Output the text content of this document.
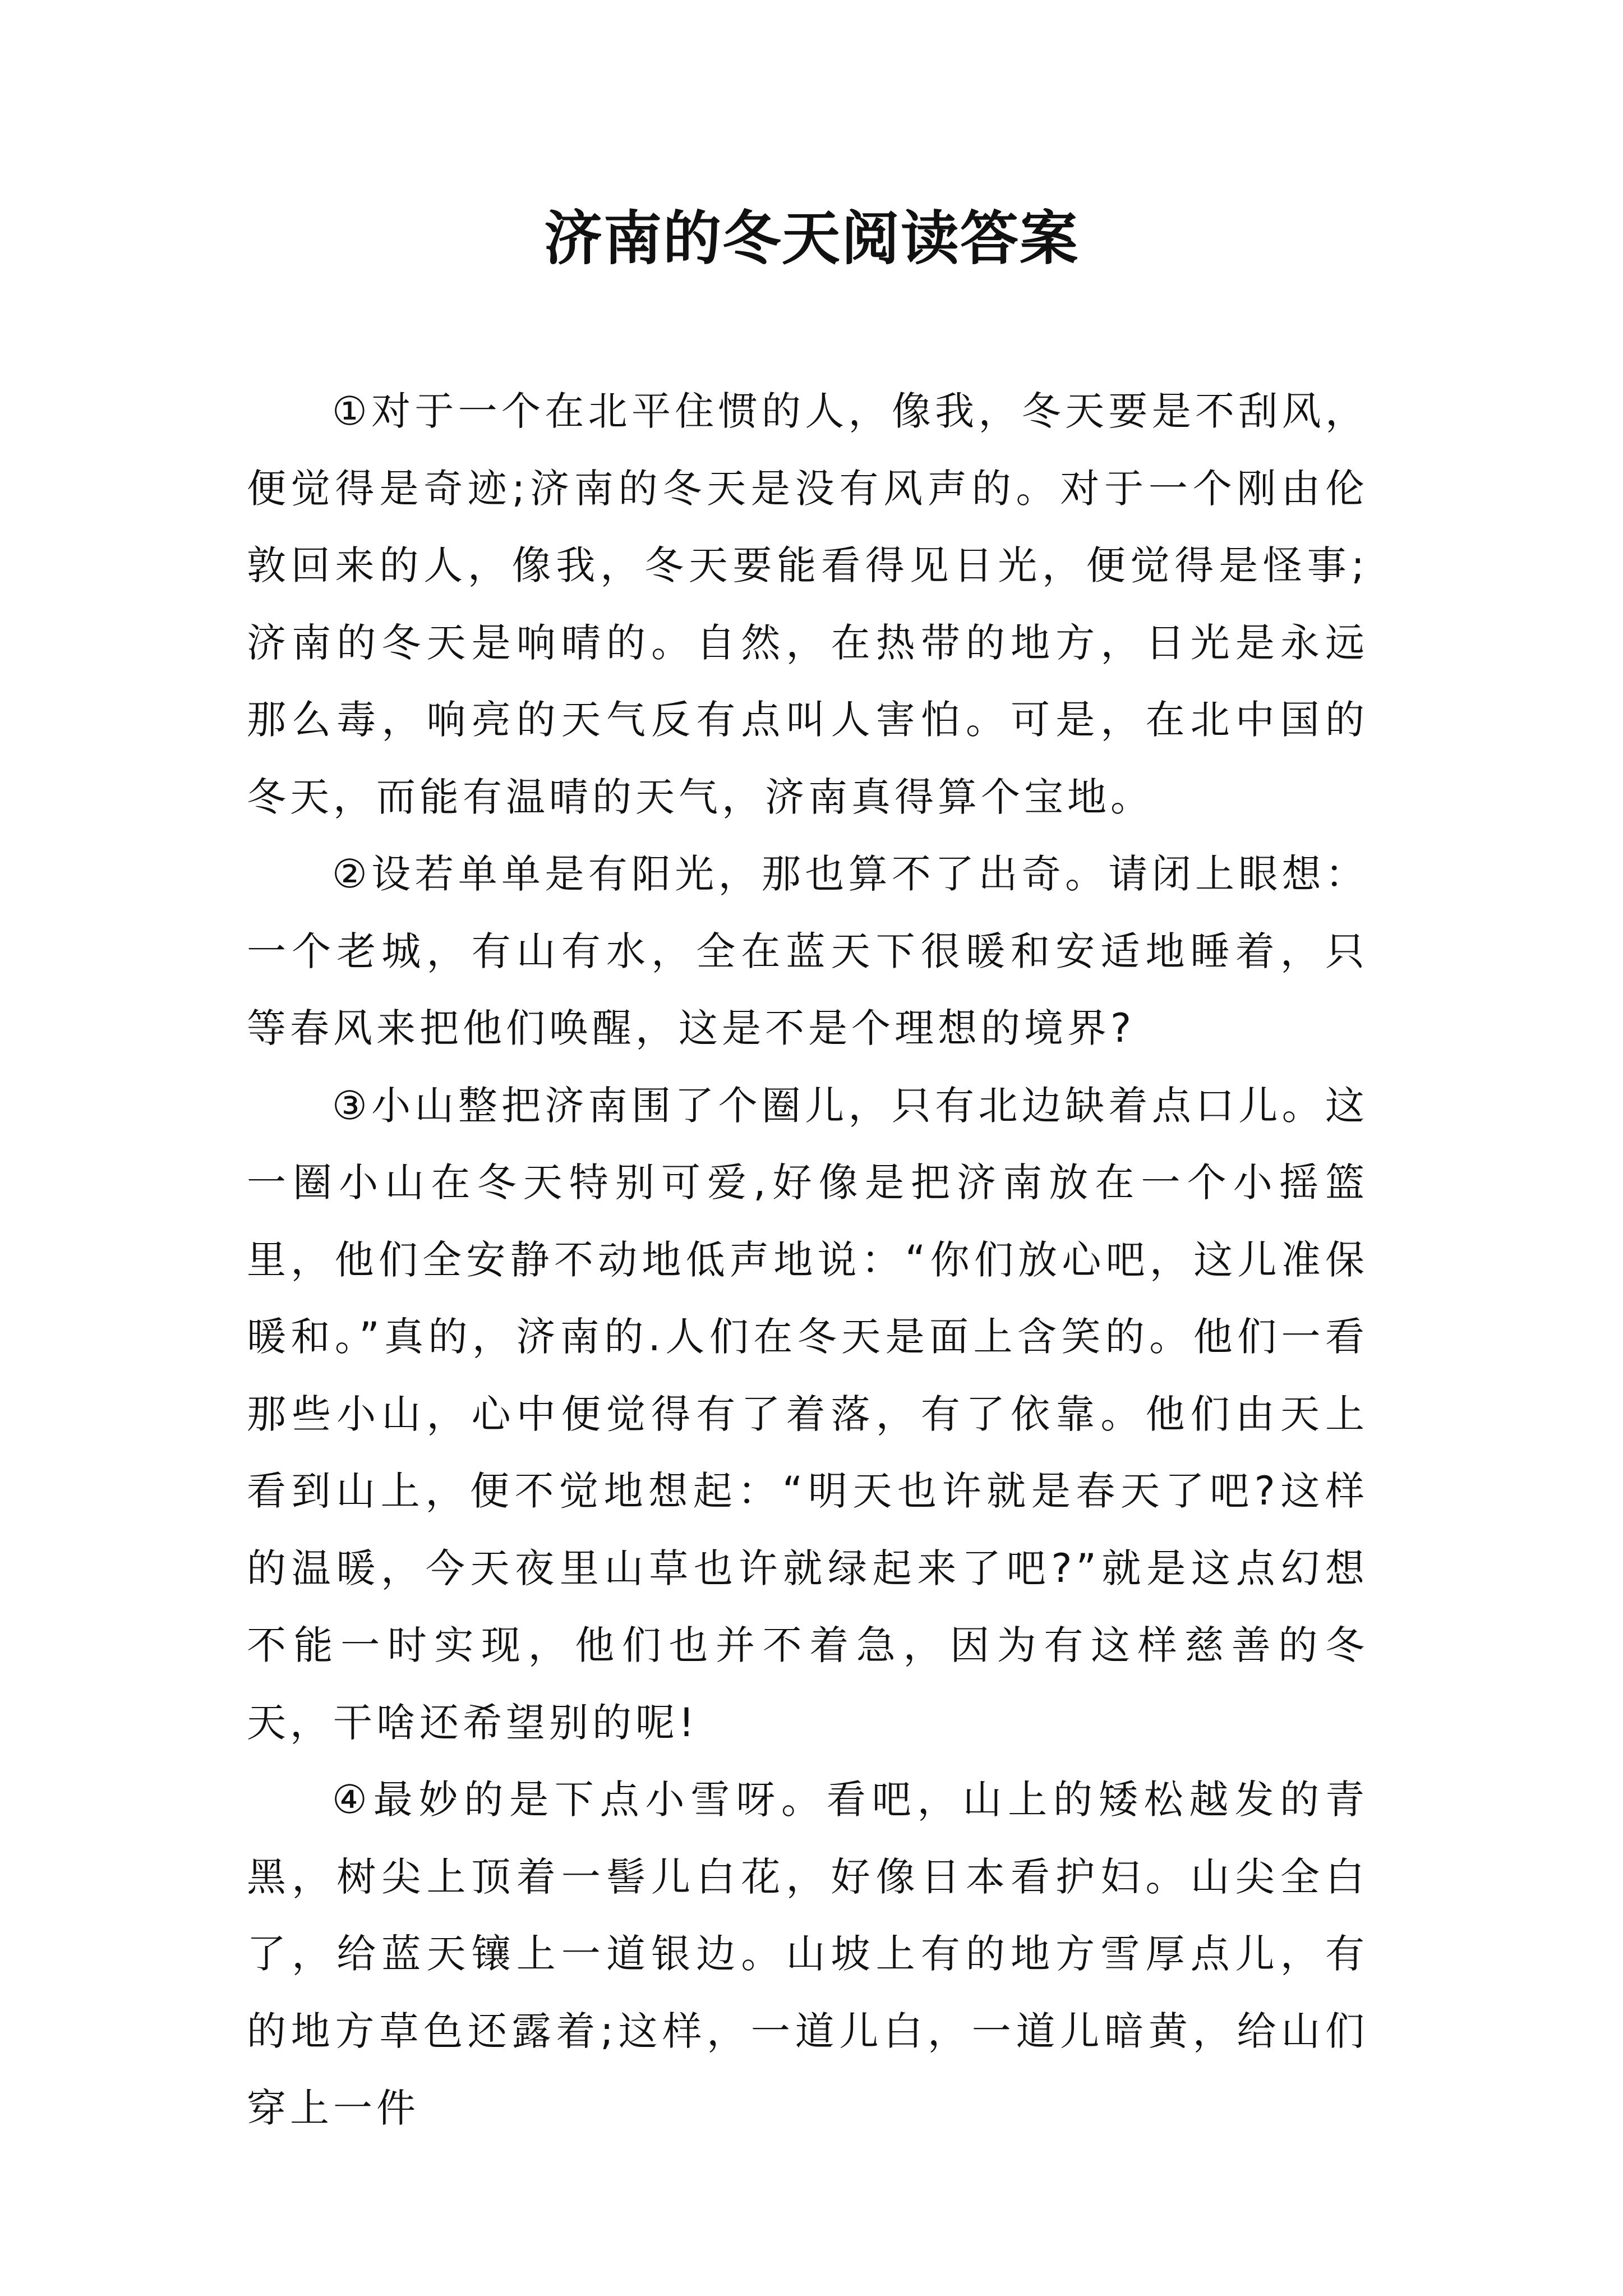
济南的冬天阅读答案

①对于一个在北平住惯的人，像我，冬天要是不刮风，便觉得是奇迹;济南的冬天是没有风声的。对于一个刚由伦敦回来的人，像我，冬天要能看得见日光，便觉得是怪事;济南的冬天是响晴的。自然，在热带的地方，日光是永远那么毒，响亮的天气反有点叫人害怕。可是，在北中国的冬天，而能有温晴的天气，济南真得算个宝地。

②设若单单是有阳光，那也算不了出奇。请闭上眼想：一个老城，有山有水，全在蓝天下很暖和安适地睡着，只等春风来把他们唤醒，这是不是个理想的境界?

③小山整把济南围了个圈儿，只有北边缺着点口儿。这一圈小山在冬天特别可爱,好像是把济南放在一个小摇篮里，他们全安静不动地低声地说：“你们放心吧，这儿准保暖和。”真的，济南的.人们在冬天是面上含笑的。他们一看那些小山，心中便觉得有了着落，有了依靠。他们由天上看到山上，便不觉地想起：“明天也许就是春天了吧?这样的温暖，今天夜里山草也许就绿起来了吧?”就是这点幻想不能一时实现，他们也并不着急，因为有这样慈善的冬天，干啥还希望别的呢!

④最妙的是下点小雪呀。看吧，山上的矮松越发的青黑，树尖上顶着一髻儿白花，好像日本看护妇。山尖全白了，给蓝天镶上一道银边。山坡上有的地方雪厚点儿，有的地方草色还露着;这样，一道儿白，一道儿暗黄，给山们穿上一件
